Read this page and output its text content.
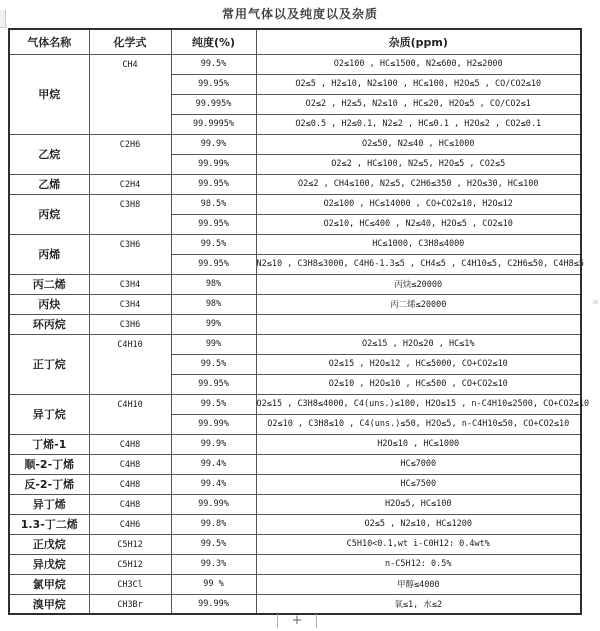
常用气体以及纯度以及杂质
气体名称	化学式	纯度(%)	杂质(ppm)
甲烷	CH4	99.5%	O2≤100 , HC≤1500, N2≤600, H2≤2000
		99.95%	O2≤5 , H2≤10, N2≤100 , HC≤100, H2O≤5 , CO/CO2≤10
		99.995%	O2≤2 , H2≤5, N2≤10 , HC≤20, H2O≤5 , CO/CO2≤1
		99.9995%	O2≤0.5 , H2≤0.1, N2≤2 , HC≤0.1 , H2O≤2 , CO2≤0.1
乙烷	C2H6	99.9%	O2≤50, N2≤40 , HC≤1000
		99.99%	O2≤2 , HC≤100, N2≤5, H2O≤5 , CO2≤5
乙烯	C2H4	99.95%	O2≤2 , CH4≤100, N2≤5, C2H6≤350 , H2O≤30, HC≤100
丙烷	C3H8	98.5%	O2≤100 , HC≤14000 , CO+CO2≤10, H2O≤12
		99.95%	O2≤10, HC≤400 , N2≤40, H2O≤5 , CO2≤10
丙烯	C3H6	99.5%	HC≤1000, C3H8≤4000
		99.95%	N2≤10 , C3H8≤3000, C4H6-1.3≤5 , CH4≤5 , C4H10≤5, C2H6≤50, C4H8≤5
丙二烯	C3H4	98%	丙炔≤20000
丙炔	C3H4	98%	丙二烯≤20000
环丙烷	C3H6	99%	
正丁烷	C4H10	99%	O2≤15 , H2O≤20 , HC≤1%
		99.5%	O2≤15 , H2O≤12 , HC≤5000, CO+CO2≤10
		99.95%	O2≤10 , H2O≤10 , HC≤500 , CO+CO2≤10
异丁烷	C4H10	99.5%	O2≤15 , C3H8≤4000, C4(uns.)≤100, H2O≤15 , n-C4H10≤2500, CO+CO2≤10
		99.99%	O2≤10 , C3H8≤10 , C4(uns.)≤50, H2O≤5, n-C4H10≤50, CO+CO2≤10
丁烯-1	C4H8	99.9%	H2O≤10 , HC≤1000
顺-2-丁烯	C4H8	99.4%	HC≤7000
反-2-丁烯	C4H8	99.4%	HC≤7500
异丁烯	C4H8	99.99%	H2O≤5, HC≤100
1.3-丁二烯	C4H6	99.8%	O2≤5 , N2≤10, HC≤1200
正戊烷	C5H12	99.5%	C5H10<0.1,wt i-C0H12: 0.4wt%
异戊烷	C5H12	99.3%	n-C5H12: 0.5%
氯甲烷	CH3Cl	99 %	甲醇≤4000
溴甲烷	CH3Br	99.99%	氧≤1, 水≤2
+
